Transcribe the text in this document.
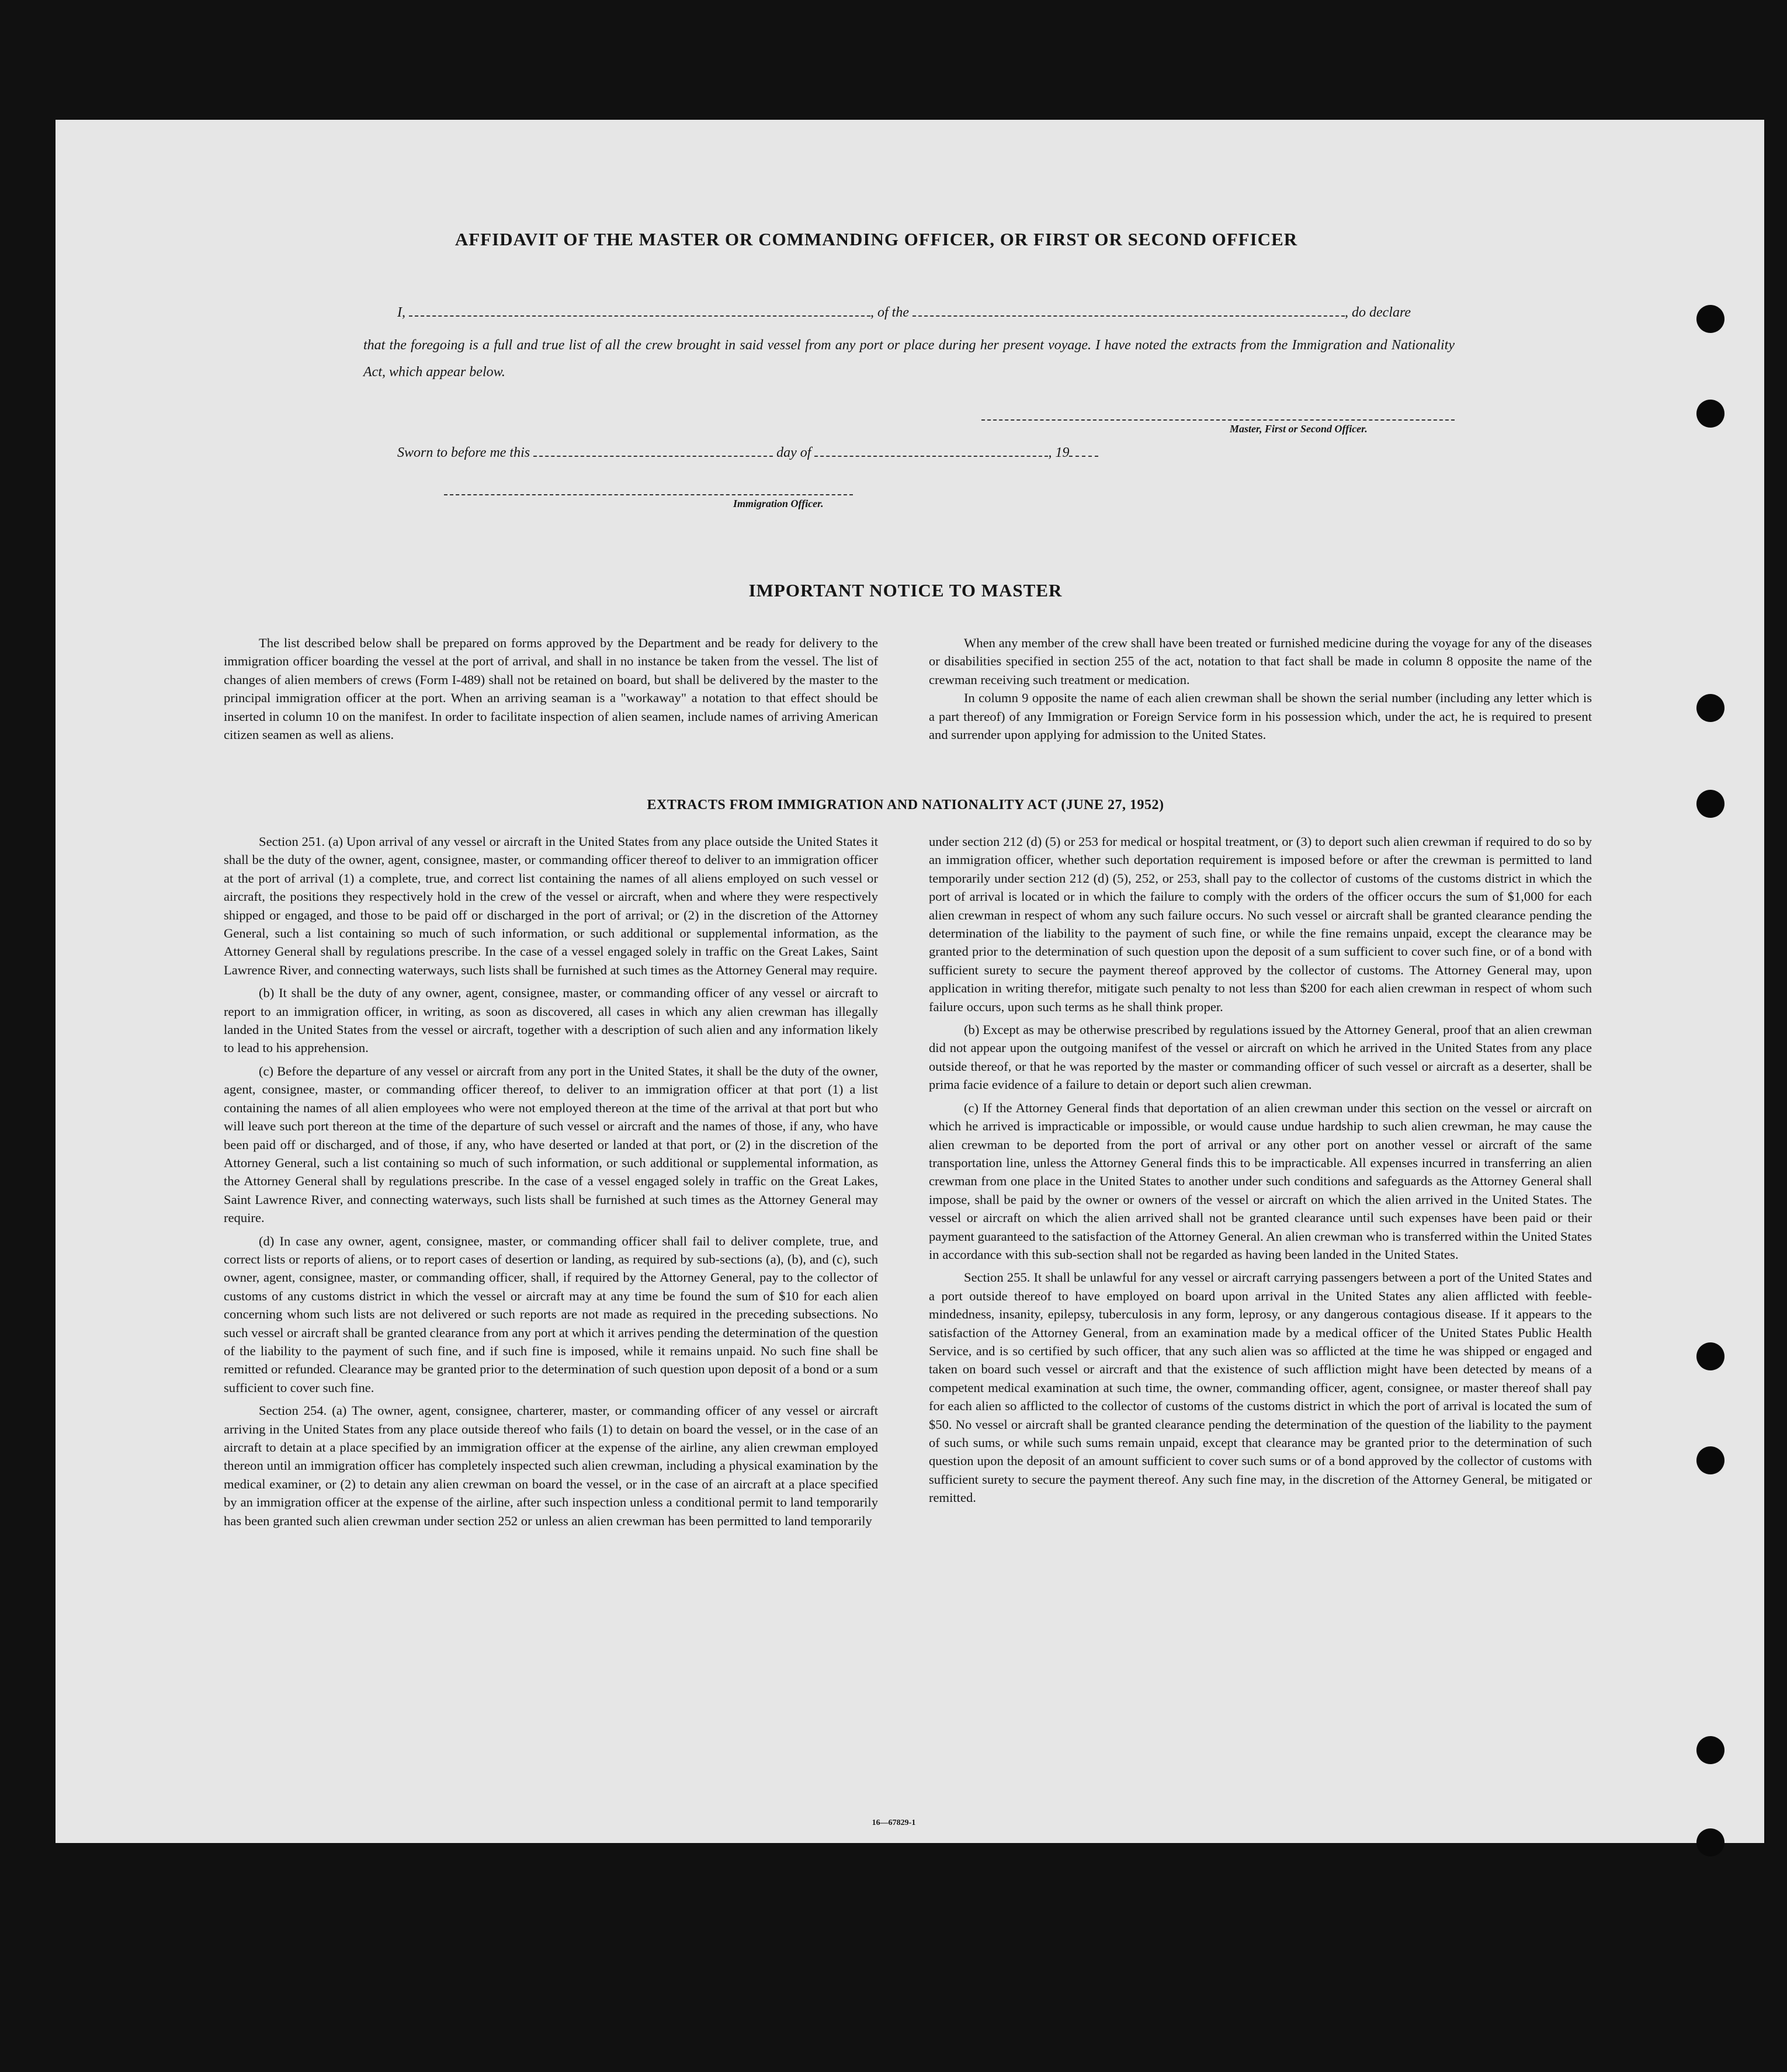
AFFIDAVIT OF THE MASTER OR COMMANDING OFFICER, OR FIRST OR SECOND OFFICER
I,	, of the	, do declare
that the foregoing is a full and true list of all the crew brought in said vessel from any port or place during her present voyage. I have noted the extracts from the Immigration and Nationality Act, which appear below.
Master, First or Second Officer.
Sworn to before me this	day of	, 19
Immigration Officer.
IMPORTANT NOTICE TO MASTER

The list described below shall be prepared on forms approved by the Department and be ready for delivery to the immigration officer boarding the vessel at the port of arrival, and shall in no instance be taken from the vessel. The list of changes of alien members of crews (Form I-489) shall not be retained on board, but shall be delivered by the master to the principal immigration officer at the port. When an arriving seaman is a "workaway" a notation to that effect should be inserted in column 10 on the manifest. In order to facilitate inspection of alien seamen, include names of arriving American citizen seamen as well as aliens.

When any member of the crew shall have been treated or furnished medicine during the voyage for any of the diseases or disabilities specified in section 255 of the act, notation to that fact shall be made in column 8 opposite the name of the crewman receiving such treatment or medication.

In column 9 opposite the name of each alien crewman shall be shown the serial number (including any letter which is a part thereof) of any Immigration or Foreign Service form in his possession which, under the act, he is required to present and surrender upon applying for admission to the United States.

EXTRACTS FROM IMMIGRATION AND NATIONALITY ACT (JUNE 27, 1952)

Section 251. (a) Upon arrival of any vessel or aircraft in the United States from any place outside the United States it shall be the duty of the owner, agent, consignee, master, or commanding officer thereof to deliver to an immigration officer at the port of arrival (1) a complete, true, and correct list containing the names of all aliens employed on such vessel or aircraft, the positions they respectively hold in the crew of the vessel or aircraft, when and where they were respectively shipped or engaged, and those to be paid off or discharged in the port of arrival; or (2) in the discretion of the Attorney General, such a list containing so much of such information, or such additional or supplemental information, as the Attorney General shall by regulations prescribe. In the case of a vessel engaged solely in traffic on the Great Lakes, Saint Lawrence River, and connecting waterways, such lists shall be furnished at such times as the Attorney General may require.

(b) It shall be the duty of any owner, agent, consignee, master, or commanding officer of any vessel or aircraft to report to an immigration officer, in writing, as soon as discovered, all cases in which any alien crewman has illegally landed in the United States from the vessel or aircraft, together with a description of such alien and any information likely to lead to his apprehension.

(c) Before the departure of any vessel or aircraft from any port in the United States, it shall be the duty of the owner, agent, consignee, master, or commanding officer thereof, to deliver to an immigration officer at that port (1) a list containing the names of all alien employees who were not employed thereon at the time of the arrival at that port but who will leave such port thereon at the time of the departure of such vessel or aircraft and the names of those, if any, who have been paid off or discharged, and of those, if any, who have deserted or landed at that port, or (2) in the discretion of the Attorney General, such a list containing so much of such information, or such additional or supplemental information, as the Attorney General shall by regulations prescribe. In the case of a vessel engaged solely in traffic on the Great Lakes, Saint Lawrence River, and connecting waterways, such lists shall be furnished at such times as the Attorney General may require.

(d) In case any owner, agent, consignee, master, or commanding officer shall fail to deliver complete, true, and correct lists or reports of aliens, or to report cases of desertion or landing, as required by sub-sections (a), (b), and (c), such owner, agent, consignee, master, or commanding officer, shall, if required by the Attorney General, pay to the collector of customs of any customs district in which the vessel or aircraft may at any time be found the sum of $10 for each alien concerning whom such lists are not delivered or such reports are not made as required in the preceding subsections. No such vessel or aircraft shall be granted clearance from any port at which it arrives pending the determination of the question of the liability to the payment of such fine, and if such fine is imposed, while it remains unpaid. No such fine shall be remitted or refunded. Clearance may be granted prior to the determination of such question upon deposit of a bond or a sum sufficient to cover such fine.

Section 254. (a) The owner, agent, consignee, charterer, master, or commanding officer of any vessel or aircraft arriving in the United States from any place outside thereof who fails (1) to detain on board the vessel, or in the case of an aircraft to detain at a place specified by an immigration officer at the expense of the airline, any alien crewman employed thereon until an immigration officer has completely inspected such alien crewman, including a physical examination by the medical examiner, or (2) to detain any alien crewman on board the vessel, or in the case of an aircraft at a place specified by an immigration officer at the expense of the airline, after such inspection unless a conditional permit to land temporarily has been granted such alien crewman under section 252 or unless an alien crewman has been permitted to land temporarily

under section 212 (d) (5) or 253 for medical or hospital treatment, or (3) to deport such alien crewman if required to do so by an immigration officer, whether such deportation requirement is imposed before or after the crewman is permitted to land temporarily under section 212 (d) (5), 252, or 253, shall pay to the collector of customs of the customs district in which the port of arrival is located or in which the failure to comply with the orders of the officer occurs the sum of $1,000 for each alien crewman in respect of whom any such failure occurs. No such vessel or aircraft shall be granted clearance pending the determination of the liability to the payment of such fine, or while the fine remains unpaid, except the clearance may be granted prior to the determination of such question upon the deposit of a sum sufficient to cover such fine, or of a bond with sufficient surety to secure the payment thereof approved by the collector of customs. The Attorney General may, upon application in writing therefor, mitigate such penalty to not less than $200 for each alien crewman in respect of whom such failure occurs, upon such terms as he shall think proper.

(b) Except as may be otherwise prescribed by regulations issued by the Attorney General, proof that an alien crewman did not appear upon the outgoing manifest of the vessel or aircraft on which he arrived in the United States from any place outside thereof, or that he was reported by the master or commanding officer of such vessel or aircraft as a deserter, shall be prima facie evidence of a failure to detain or deport such alien crewman.

(c) If the Attorney General finds that deportation of an alien crewman under this section on the vessel or aircraft on which he arrived is impracticable or impossible, or would cause undue hardship to such alien crewman, he may cause the alien crewman to be deported from the port of arrival or any other port on another vessel or aircraft of the same transportation line, unless the Attorney General finds this to be impracticable. All expenses incurred in transferring an alien crewman from one place in the United States to another under such conditions and safeguards as the Attorney General shall impose, shall be paid by the owner or owners of the vessel or aircraft on which the alien arrived in the United States. The vessel or aircraft on which the alien arrived shall not be granted clearance until such expenses have been paid or their payment guaranteed to the satisfaction of the Attorney General. An alien crewman who is transferred within the United States in accordance with this sub-section shall not be regarded as having been landed in the United States.

Section 255. It shall be unlawful for any vessel or aircraft carrying passengers between a port of the United States and a port outside thereof to have employed on board upon arrival in the United States any alien afflicted with feeble-mindedness, insanity, epilepsy, tuberculosis in any form, leprosy, or any dangerous contagious disease. If it appears to the satisfaction of the Attorney General, from an examination made by a medical officer of the United States Public Health Service, and is so certified by such officer, that any such alien was so afflicted at the time he was shipped or engaged and taken on board such vessel or aircraft and that the existence of such affliction might have been detected by means of a competent medical examination at such time, the owner, commanding officer, agent, consignee, or master thereof shall pay for each alien so afflicted to the collector of customs of the customs district in which the port of arrival is located the sum of $50. No vessel or aircraft shall be granted clearance pending the determination of the question of the liability to the payment of such sums, or while such sums remain unpaid, except that clearance may be granted prior to the determination of such question upon the deposit of an amount sufficient to cover such sums or of a bond approved by the collector of customs with sufficient surety to secure the payment thereof. Any such fine may, in the discretion of the Attorney General, be mitigated or remitted.

16—67829-1
